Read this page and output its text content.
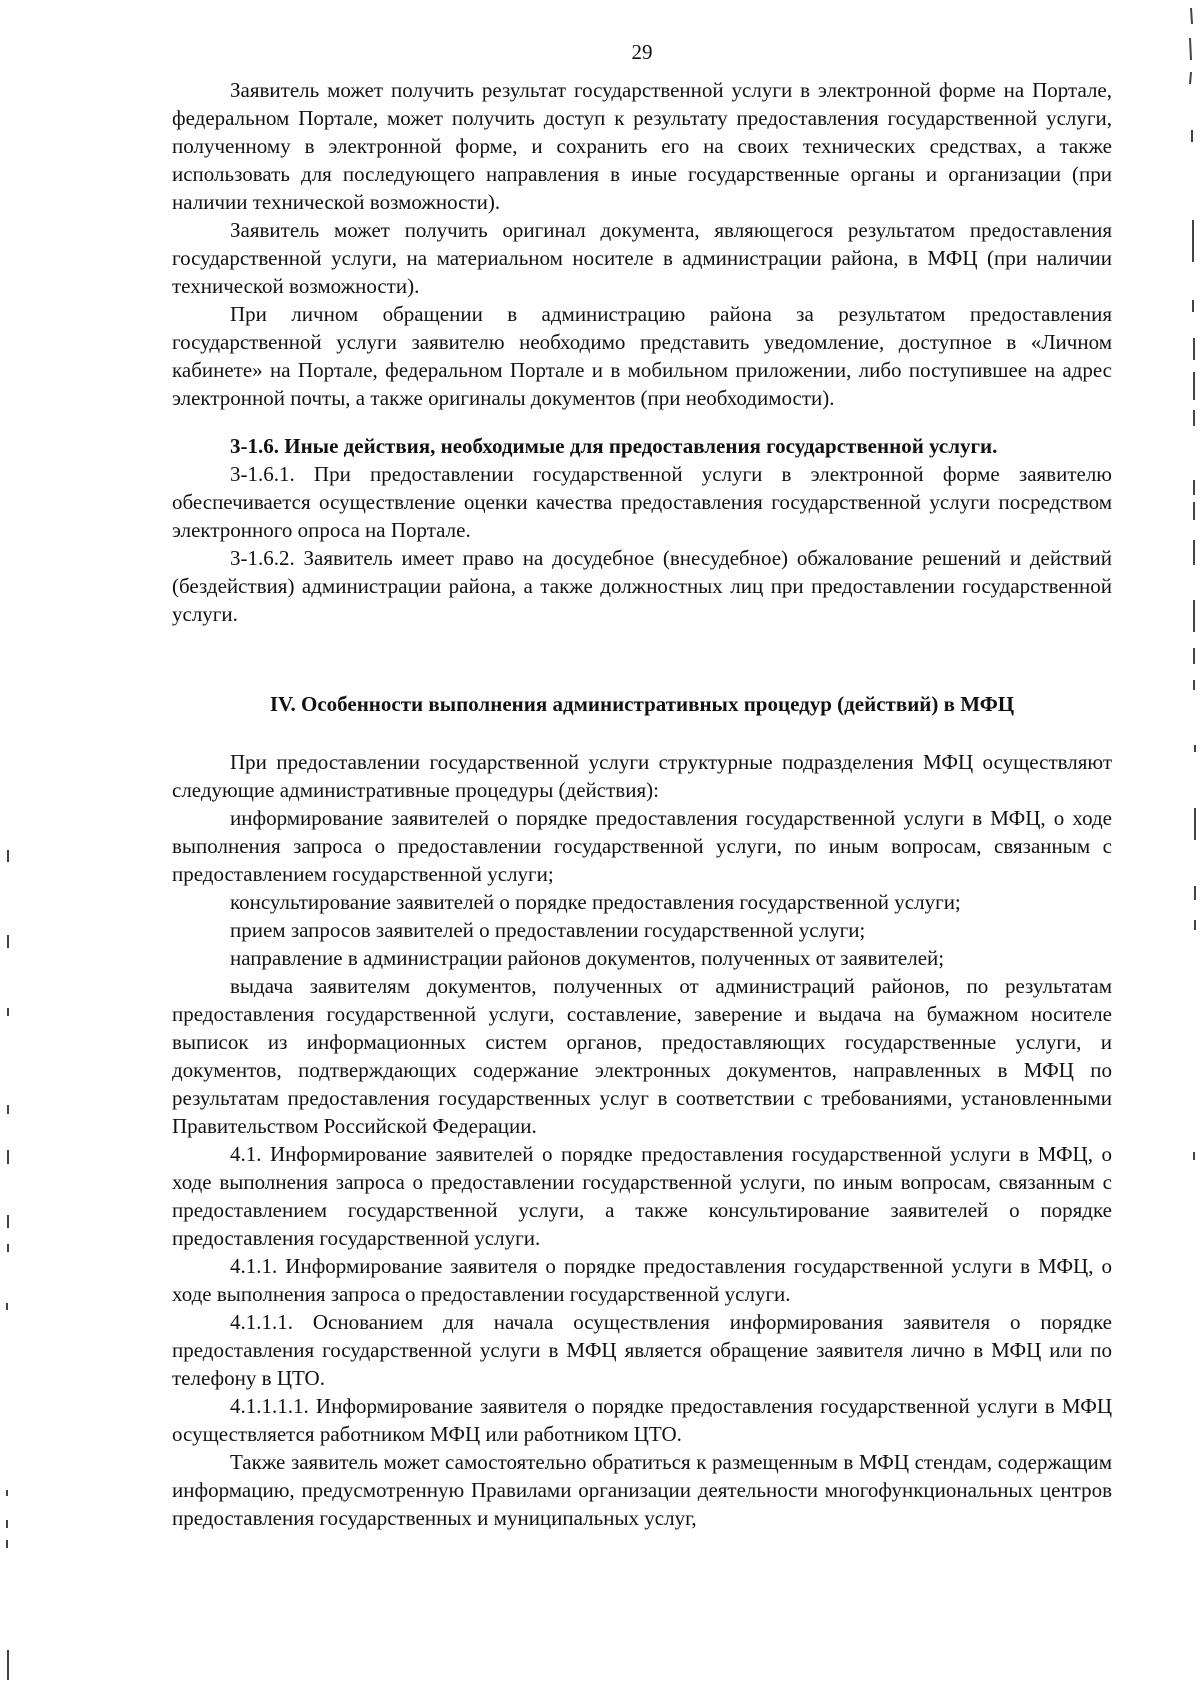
29

Заявитель может получить результат государственной услуги в электронной форме на Портале, федеральном Портале, может получить доступ к результату предоставления государственной услуги, полученному в электронной форме, и сохранить его на своих технических средствах, а также использовать для последующего направления в иные государственные органы и организации (при наличии технической возможности).

Заявитель может получить оригинал документа, являющегося результатом предоставления государственной услуги, на материальном носителе в администрации района, в МФЦ (при наличии технической возможности).

При личном обращении в администрацию района за результатом предоставления государственной услуги заявителю необходимо представить уведомление, доступное в «Личном кабинете» на Портале, федеральном Портале и в мобильном приложении, либо поступившее на адрес электронной почты, а также оригиналы документов (при необходимости).

3-1.6. Иные действия, необходимые для предоставления государственной услуги.

3-1.6.1. При предоставлении государственной услуги в электронной форме заявителю обеспечивается осуществление оценки качества предоставления государственной услуги посредством электронного опроса на Портале.

3-1.6.2. Заявитель имеет право на досудебное (внесудебное) обжалование решений и действий (бездействия) администрации района, а также должностных лиц при предоставлении государственной услуги.

IV. Особенности выполнения административных процедур (действий) в МФЦ

При предоставлении государственной услуги структурные подразделения МФЦ осуществляют следующие административные процедуры (действия):

информирование заявителей о порядке предоставления государственной услуги в МФЦ, о ходе выполнения запроса о предоставлении государственной услуги, по иным вопросам, связанным с предоставлением государственной услуги;

консультирование заявителей о порядке предоставления государственной услуги;

прием запросов заявителей о предоставлении государственной услуги;

направление в администрации районов документов, полученных от заявителей;

выдача заявителям документов, полученных от администраций районов, по результатам предоставления государственной услуги, составление, заверение и выдача на бумажном носителе выписок из информационных систем органов, предоставляющих государственные услуги, и документов, подтверждающих содержание электронных документов, направленных в МФЦ по результатам предоставления государственных услуг в соответствии с требованиями, установленными Правительством Российской Федерации.

4.1. Информирование заявителей о порядке предоставления государственной услуги в МФЦ, о ходе выполнения запроса о предоставлении государственной услуги, по иным вопросам, связанным с предоставлением государственной услуги, а также консультирование заявителей о порядке предоставления государственной услуги.

4.1.1. Информирование заявителя о порядке предоставления государственной услуги в МФЦ, о ходе выполнения запроса о предоставлении государственной услуги.

4.1.1.1. Основанием для начала осуществления информирования заявителя о порядке предоставления государственной услуги в МФЦ является обращение заявителя лично в МФЦ или по телефону в ЦТО.

4.1.1.1.1. Информирование заявителя о порядке предоставления государственной услуги в МФЦ осуществляется работником МФЦ или работником ЦТО.

Также заявитель может самостоятельно обратиться к размещенным в МФЦ стендам, содержащим информацию, предусмотренную Правилами организации деятельности многофункциональных центров предоставления государственных и муниципальных услуг,
